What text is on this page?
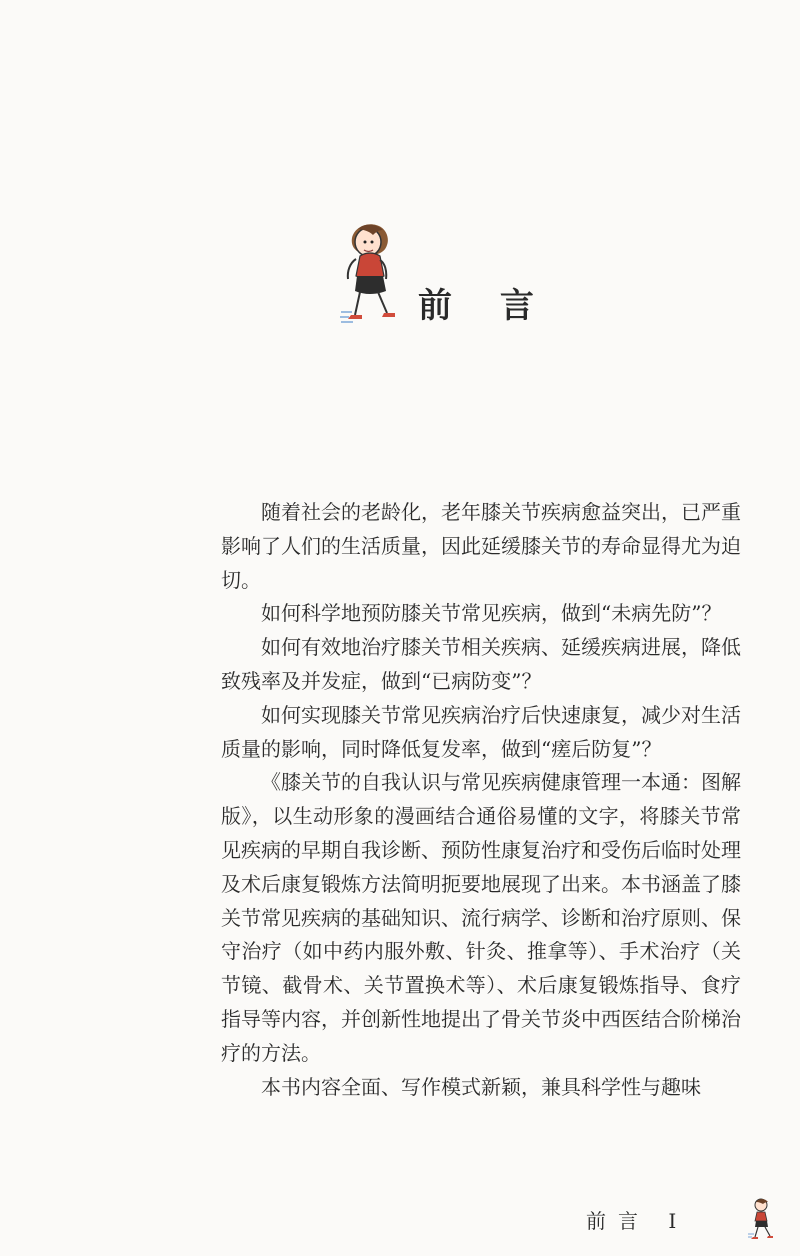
前 言

随着社会的老龄化，老年膝关节疾病愈益突出，已严重影响了人们的生活质量，因此延缓膝关节的寿命显得尤为迫切。

如何科学地预防膝关节常见疾病，做到“未病先防”？

如何有效地治疗膝关节相关疾病、延缓疾病进展，降低致残率及并发症，做到“已病防变”？

如何实现膝关节常见疾病治疗后快速康复，减少对生活质量的影响，同时降低复发率，做到“瘥后防复”？

《膝关节的自我认识与常见疾病健康管理一本通：图解版》，以生动形象的漫画结合通俗易懂的文字，将膝关节常见疾病的早期自我诊断、预防性康复治疗和受伤后临时处理及术后康复锻炼方法简明扼要地展现了出来。本书涵盖了膝关节常见疾病的基础知识、流行病学、诊断和治疗原则、保守治疗（如中药内服外敷、针灸、推拿等）、手术治疗（关节镜、截骨术、关节置换术等）、术后康复锻炼指导、食疗指导等内容，并创新性地提出了骨关节炎中西医结合阶梯治疗的方法。

本书内容全面、写作模式新颖，兼具科学性与趣味

前言 I
